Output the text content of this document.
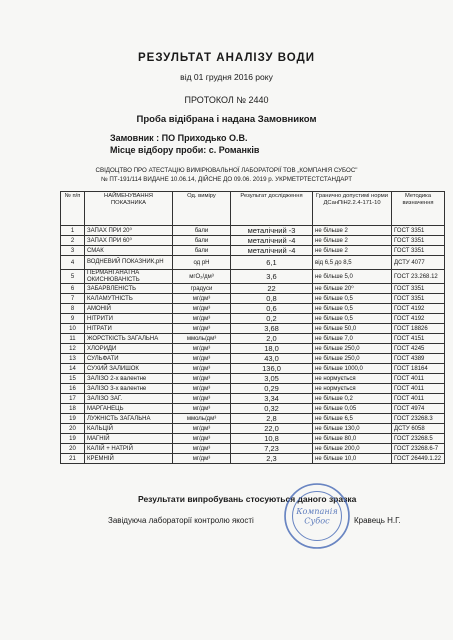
РЕЗУЛЬТАТ АНАЛІЗУ ВОДИ
від 01 грудня 2016 року
ПРОТОКОЛ № 2440
Проба відібрана і надана Замовником
Замовник : ПО Приходько О.В.
Місце відбору проби: с. Романків
СВІДОЦТВО ПРО АТЕСТАЦІЮ ВИМІРЮВАЛЬНОЇ ЛАБОРАТОРІЇ ТОВ „КОМПАНІЯ СУБОС"
№ ПТ-191/114 ВИДАНЕ 10.06.14, ДІЙСНЕ ДО 09.06. 2019 р. УКРМЕТРТЕСТСТАНДАРТ
№ п/п	НАЙМЕНУВАННЯ ПОКАЗНИКА	Од. виміру	Результат дослідження	Гранично допустимі норми ДСанПіН2.2.4-171-10	Методика визначення
1	ЗАПАХ ПРИ 20⁰	бали	металічний -3	не більше 2	ГОСТ 3351
2	ЗАПАХ ПРИ 60⁰	бали	металічний -4	не більше 2	ГОСТ 3351
3	СМАК	бали	металічний -4	не більше 2	ГОСТ 3351
4	ВОДНЕВИЙ ПОКАЗНИК,рН	од рН	6,1	від 6,5 до 8,5	ДСТУ 4077
5	ПЕРМАНГАНАТНА ОКИСНЮВАНІСТЬ	мгО₂/дм³	3,6	не більше 5,0	ГОСТ 23.268.12
6	ЗАБАРВЛЕНІСТЬ	градуси	22	не більше 20⁰	ГОСТ 3351
7	КАЛАМУТНІСТЬ	мг/дм³	0,8	не більше 0,5	ГОСТ 3351
8	АМОНІЙ	мг/дм³	0,6	не більше 0,5	ГОСТ 4192
9	НІТРИТИ	мг/дм³	0,2	не більше 0,5	ГОСТ 4192
10	НІТРАТИ	мг/дм³	3,68	не більше 50,0	ГОСТ 18826
11	ЖОРСТКІСТЬ ЗАГАЛЬНА	ммоль/дм³	2,0	не більше 7,0	ГОСТ 4151
12	ХЛОРИДИ	мг/дм³	18,0	не більше 250,0	ГОСТ 4245
13	СУЛЬФАТИ	мг/дм³	43,0	не більше 250,0	ГОСТ 4389
14	СУХИЙ ЗАЛИШОК	мг/дм³	136,0	не більше 1000,0	ГОСТ 18164
15	ЗАЛІЗО 2-х валентне	мг/дм³	3,05	не нормується	ГОСТ 4011
16	ЗАЛІЗО 3-х валентне	мг/дм³	0,29	не нормується	ГОСТ 4011
17	ЗАЛІЗО ЗАГ.	мг/дм³	3,34	не більше 0,2	ГОСТ 4011
18	МАРГАНЕЦЬ	мг/дм³	0,32	не більше 0,05	ГОСТ 4974
19	ЛУЖНІСТЬ ЗАГАЛЬНА	ммоль/дм³	2,8	не більше 6,5	ГОСТ 23268.3
20	КАЛЬЦІЙ	мг/дм³	22,0	не більше 130,0	ДСТУ 6058
19	МАГНІЙ	мг/дм³	10,8	не більше 80,0	ГОСТ 23268.5
20	КАЛІЙ + НАТРІЙ	мг/дм³	7,23	не більше 200,0	ГОСТ 23268.6-7
21	КРЕМНІЙ	мг/дм³	2,3	не більше 10,0	ГОСТ 26449.1.22
Результати випробувань стосуються даного зразка
Завідуюча лабораторії контролю якості	Кравець Н.Г.
Компанія
Субос
